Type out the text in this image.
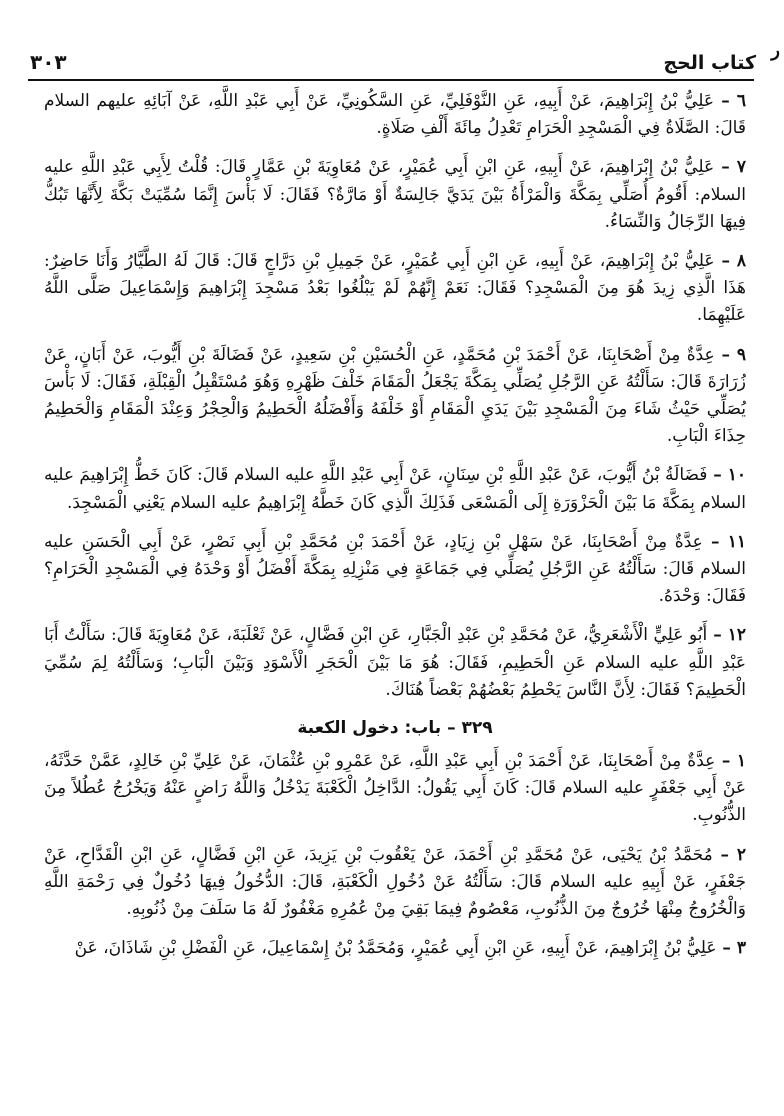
ر
كتاب الحج
٣٠٣

٦ – عَلِيُّ بْنُ إِبْرَاهِيمَ، عَنْ أَبِيهِ، عَنِ النَّوْفَلِيِّ، عَنِ السَّكُونِيِّ، عَنْ أَبِي عَبْدِ اللَّهِ، عَنْ آبَائِهِ عليهم السلام قَالَ: الصَّلَاةُ فِي الْمَسْجِدِ الْحَرَامِ تَعْدِلُ مِائَةَ أَلْفِ صَلَاةٍ.

٧ – عَلِيُّ بْنُ إِبْرَاهِيمَ، عَنْ أَبِيهِ، عَنِ ابْنِ أَبِي عُمَيْرٍ، عَنْ مُعَاوِيَةَ بْنِ عَمَّارٍ قَالَ: قُلْتُ لِأَبِي عَبْدِ اللَّهِ عليه السلام: أَقُومُ أُصَلِّي بِمَكَّةَ وَالْمَرْأَةُ بَيْنَ يَدَيَّ جَالِسَةٌ أَوْ مَارَّةٌ؟ فَقَالَ: لَا بَأْسَ إِنَّمَا سُمِّيَتْ بَكَّةَ لِأَنَّهَا تَبُكُّ فِيهَا الرِّجَالُ وَالنِّسَاءُ.

٨ – عَلِيُّ بْنُ إِبْرَاهِيمَ، عَنْ أَبِيهِ، عَنِ ابْنِ أَبِي عُمَيْرٍ، عَنْ جَمِيلِ بْنِ دَرَّاجٍ قَالَ: قَالَ لَهُ الطَّيَّارُ وَأَنَا حَاضِرٌ: هَذَا الَّذِي زِيدَ هُوَ مِنَ الْمَسْجِدِ؟ فَقَالَ: نَعَمْ إِنَّهُمْ لَمْ يَبْلُغُوا بَعْدُ مَسْجِدَ إِبْرَاهِيمَ وَإِسْمَاعِيلَ صَلَّى اللَّهُ عَلَيْهِمَا.

٩ – عِدَّةٌ مِنْ أَصْحَابِنَا، عَنْ أَحْمَدَ بْنِ مُحَمَّدٍ، عَنِ الْحُسَيْنِ بْنِ سَعِيدٍ، عَنْ فَضَالَةَ بْنِ أَيُّوبَ، عَنْ أَبَانٍ، عَنْ زُرَارَةَ قَالَ: سَأَلْتُهُ عَنِ الرَّجُلِ يُصَلِّي بِمَكَّةَ يَجْعَلُ الْمَقَامَ خَلْفَ ظَهْرِهِ وَهُوَ مُسْتَقْبِلُ الْقِبْلَةِ، فَقَالَ: لَا بَأْسَ يُصَلِّي حَيْثُ شَاءَ مِنَ الْمَسْجِدِ بَيْنَ يَدَيِ الْمَقَامِ أَوْ خَلْفَهُ وَأَفْضَلُهُ الْحَطِيمُ وَالْحِجْرُ وَعِنْدَ الْمَقَامِ وَالْحَطِيمُ حِذَاءَ الْبَابِ.

١٠ – فَضَالَةُ بْنُ أَيُّوبَ، عَنْ عَبْدِ اللَّهِ بْنِ سِنَانٍ، عَنْ أَبِي عَبْدِ اللَّهِ عليه السلام قَالَ: كَانَ خَطُّ إِبْرَاهِيمَ عليه السلام بِمَكَّةَ مَا بَيْنَ الْحَزْوَرَةِ إِلَى الْمَسْعَى فَذَلِكَ الَّذِي كَانَ خَطَّهُ إِبْرَاهِيمُ عليه السلام يَعْنِي الْمَسْجِدَ.

١١ – عِدَّةٌ مِنْ أَصْحَابِنَا، عَنْ سَهْلِ بْنِ زِيَادٍ، عَنْ أَحْمَدَ بْنِ مُحَمَّدِ بْنِ أَبِي نَصْرٍ، عَنْ أَبِي الْحَسَنِ عليه السلام قَالَ: سَأَلْتُهُ عَنِ الرَّجُلِ يُصَلِّي فِي جَمَاعَةٍ فِي مَنْزِلِهِ بِمَكَّةَ أَفْضَلُ أَوْ وَحْدَهُ فِي الْمَسْجِدِ الْحَرَامِ؟ فَقَالَ: وَحْدَهُ.

١٢ – أَبُو عَلِيٍّ الْأَشْعَرِيُّ، عَنْ مُحَمَّدِ بْنِ عَبْدِ الْجَبَّارِ، عَنِ ابْنِ فَضَّالٍ، عَنْ ثَعْلَبَةَ، عَنْ مُعَاوِيَةَ قَالَ: سَأَلْتُ أَبَا عَبْدِ اللَّهِ عليه السلام عَنِ الْحَطِيمِ، فَقَالَ: هُوَ مَا بَيْنَ الْحَجَرِ الْأَسْوَدِ وَبَيْنَ الْبَابِ؛ وَسَأَلْتُهُ لِمَ سُمِّيَ الْحَطِيمَ؟ فَقَالَ: لِأَنَّ النَّاسَ يَحْطِمُ بَعْضُهُمْ بَعْضاً هُنَاكَ.

٣٢٩ – باب: دخول الكعبة

١ – عِدَّةٌ مِنْ أَصْحَابِنَا، عَنْ أَحْمَدَ بْنِ أَبِي عَبْدِ اللَّهِ، عَنْ عَمْرِو بْنِ عُثْمَانَ، عَنْ عَلِيِّ بْنِ خَالِدٍ، عَمَّنْ حَدَّثَهُ، عَنْ أَبِي جَعْفَرٍ عليه السلام قَالَ: كَانَ أَبِي يَقُولُ: الدَّاخِلُ الْكَعْبَةَ يَدْخُلُ وَاللَّهُ رَاضٍ عَنْهُ وَيَخْرُجُ عُطُلاً مِنَ الذُّنُوبِ.

٢ – مُحَمَّدُ بْنُ يَحْيَى، عَنْ مُحَمَّدِ بْنِ أَحْمَدَ، عَنْ يَعْقُوبَ بْنِ يَزِيدَ، عَنِ ابْنِ فَضَّالٍ، عَنِ ابْنِ الْقَدَّاحِ، عَنْ جَعْفَرٍ، عَنْ أَبِيهِ عليه السلام قَالَ: سَأَلْتُهُ عَنْ دُخُولِ الْكَعْبَةِ، قَالَ: الدُّخُولُ فِيهَا دُخُولٌ فِي رَحْمَةِ اللَّهِ وَالْخُرُوجُ مِنْهَا خُرُوجٌ مِنَ الذُّنُوبِ، مَعْصُومٌ فِيمَا بَقِيَ مِنْ عُمُرِهِ مَغْفُورٌ لَهُ مَا سَلَفَ مِنْ ذُنُوبِهِ.

٣ – عَلِيُّ بْنُ إِبْرَاهِيمَ، عَنْ أَبِيهِ، عَنِ ابْنِ أَبِي عُمَيْرٍ، وَمُحَمَّدُ بْنُ إِسْمَاعِيلَ، عَنِ الْفَضْلِ بْنِ شَاذَانَ، عَنْ
